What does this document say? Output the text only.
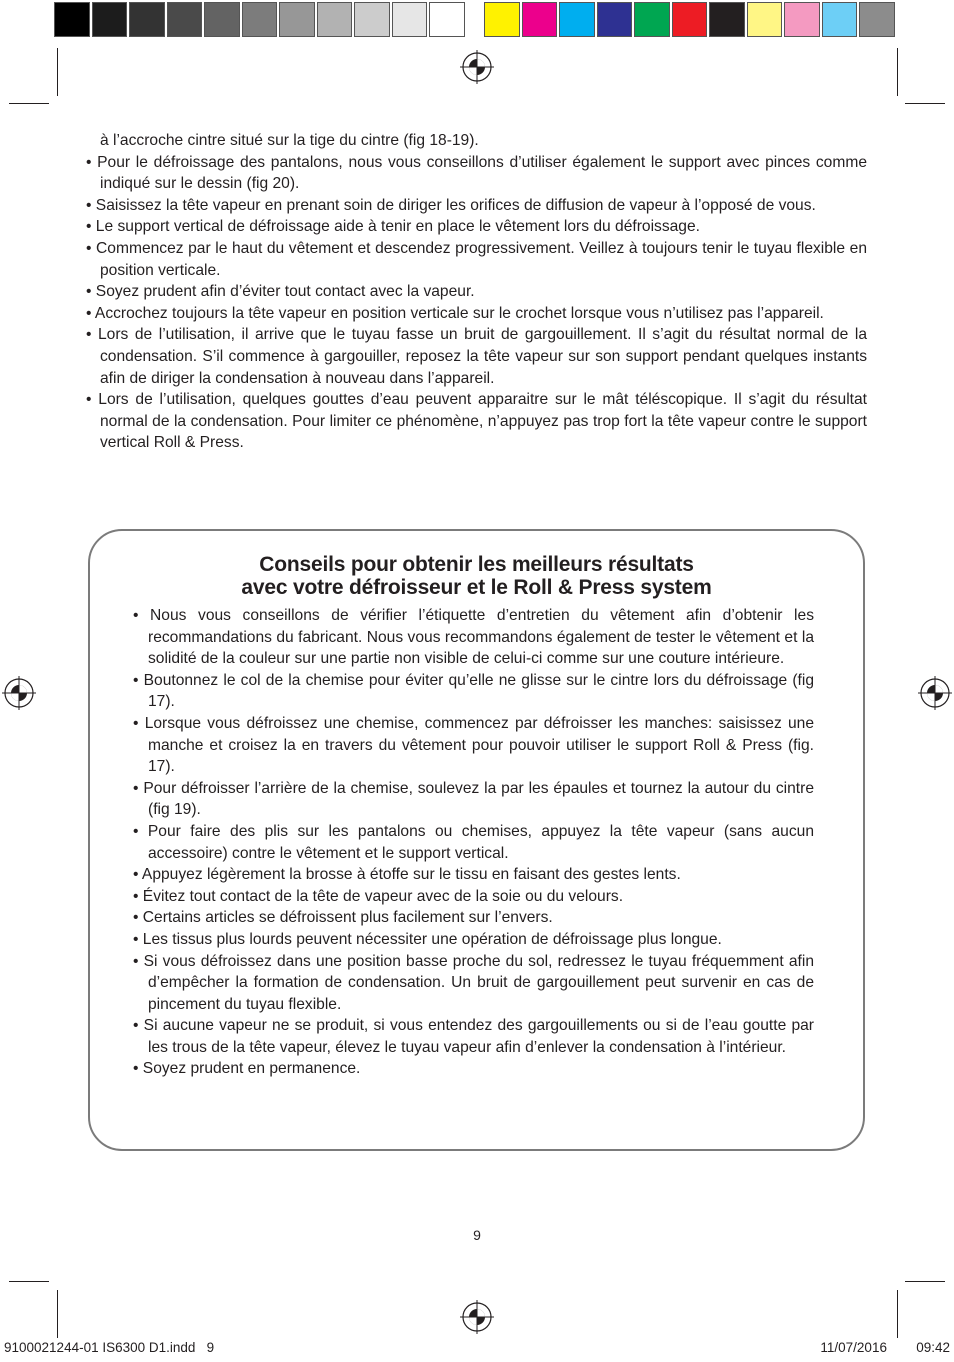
à l’accroche cintre situé sur la tige du cintre (fig 18-19).

• Pour le défroissage des pantalons, nous vous conseillons d’utiliser également le support avec pinces comme indiqué sur le dessin (fig 20).

• Saisissez la tête vapeur en prenant soin de diriger les orifices de diffusion de vapeur à l’opposé de vous.

• Le support vertical de défroissage aide à tenir en place le vêtement lors du défroissage.

• Commencez par le haut du vêtement et descendez progressivement. Veillez à toujours tenir le tuyau flexible en position verticale.

• Soyez prudent afin d’éviter tout contact avec la vapeur.

• Accrochez toujours la tête vapeur en position verticale sur le crochet lorsque vous n’utilisez pas l’appareil.

• Lors de l’utilisation, il arrive que le tuyau fasse un bruit de gargouillement. Il s’agit du résultat normal de la condensation. S’il commence à gargouiller, reposez la tête vapeur sur son support pendant quelques instants afin de diriger la condensation à nouveau dans l’appareil.

• Lors de l’utilisation, quelques gouttes d’eau peuvent apparaitre sur le mât téléscopique. Il s’agit du résultat normal de la condensation. Pour limiter ce phénomène, n’appuyez pas trop fort la tête vapeur contre le support vertical Roll & Press.

Conseils pour obtenir les meilleurs résultats
avec votre défroisseur et le Roll & Press system

• Nous vous conseillons de vérifier l’étiquette d’entretien du vêtement afin d’obtenir les recommandations du fabricant. Nous vous recommandons également de tester le vêtement et la solidité de la couleur sur une partie non visible de celui-ci comme sur une couture intérieure.

• Boutonnez le col de la chemise pour éviter qu’elle ne glisse sur le cintre lors du défroissage (fig 17).

• Lorsque vous défroissez une chemise, commencez par défroisser les manches: saisissez une manche et croisez la en travers du vêtement pour pouvoir utiliser le support Roll & Press (fig. 17).

• Pour défroisser l’arrière de la chemise, soulevez la par les épaules et tournez la autour du cintre (fig 19).

• Pour faire des plis sur les pantalons ou chemises, appuyez la tête vapeur (sans aucun accessoire) contre le vêtement et le support vertical.

• Appuyez légèrement la brosse à étoffe sur le tissu en faisant des gestes lents.

• Évitez tout contact de la tête de vapeur avec de la soie ou du velours.

• Certains articles se défroissent plus facilement sur l’envers.

• Les tissus plus lourds peuvent nécessiter une opération de défroissage plus longue.

• Si vous défroissez dans une position basse proche du sol, redressez le tuyau fréquemment afin d’empêcher la formation de condensation. Un bruit de gargouillement peut survenir en cas de pincement du tuyau flexible.

• Si aucune vapeur ne se produit, si vous entendez des gargouillements ou si de l’eau goutte par les trous de la tête vapeur, élevez le tuyau vapeur afin d’enlever la condensation à l’intérieur.

• Soyez prudent en permanence.

9
9100021244-01 IS6300 D1.indd   9	11/07/2016   09:42
